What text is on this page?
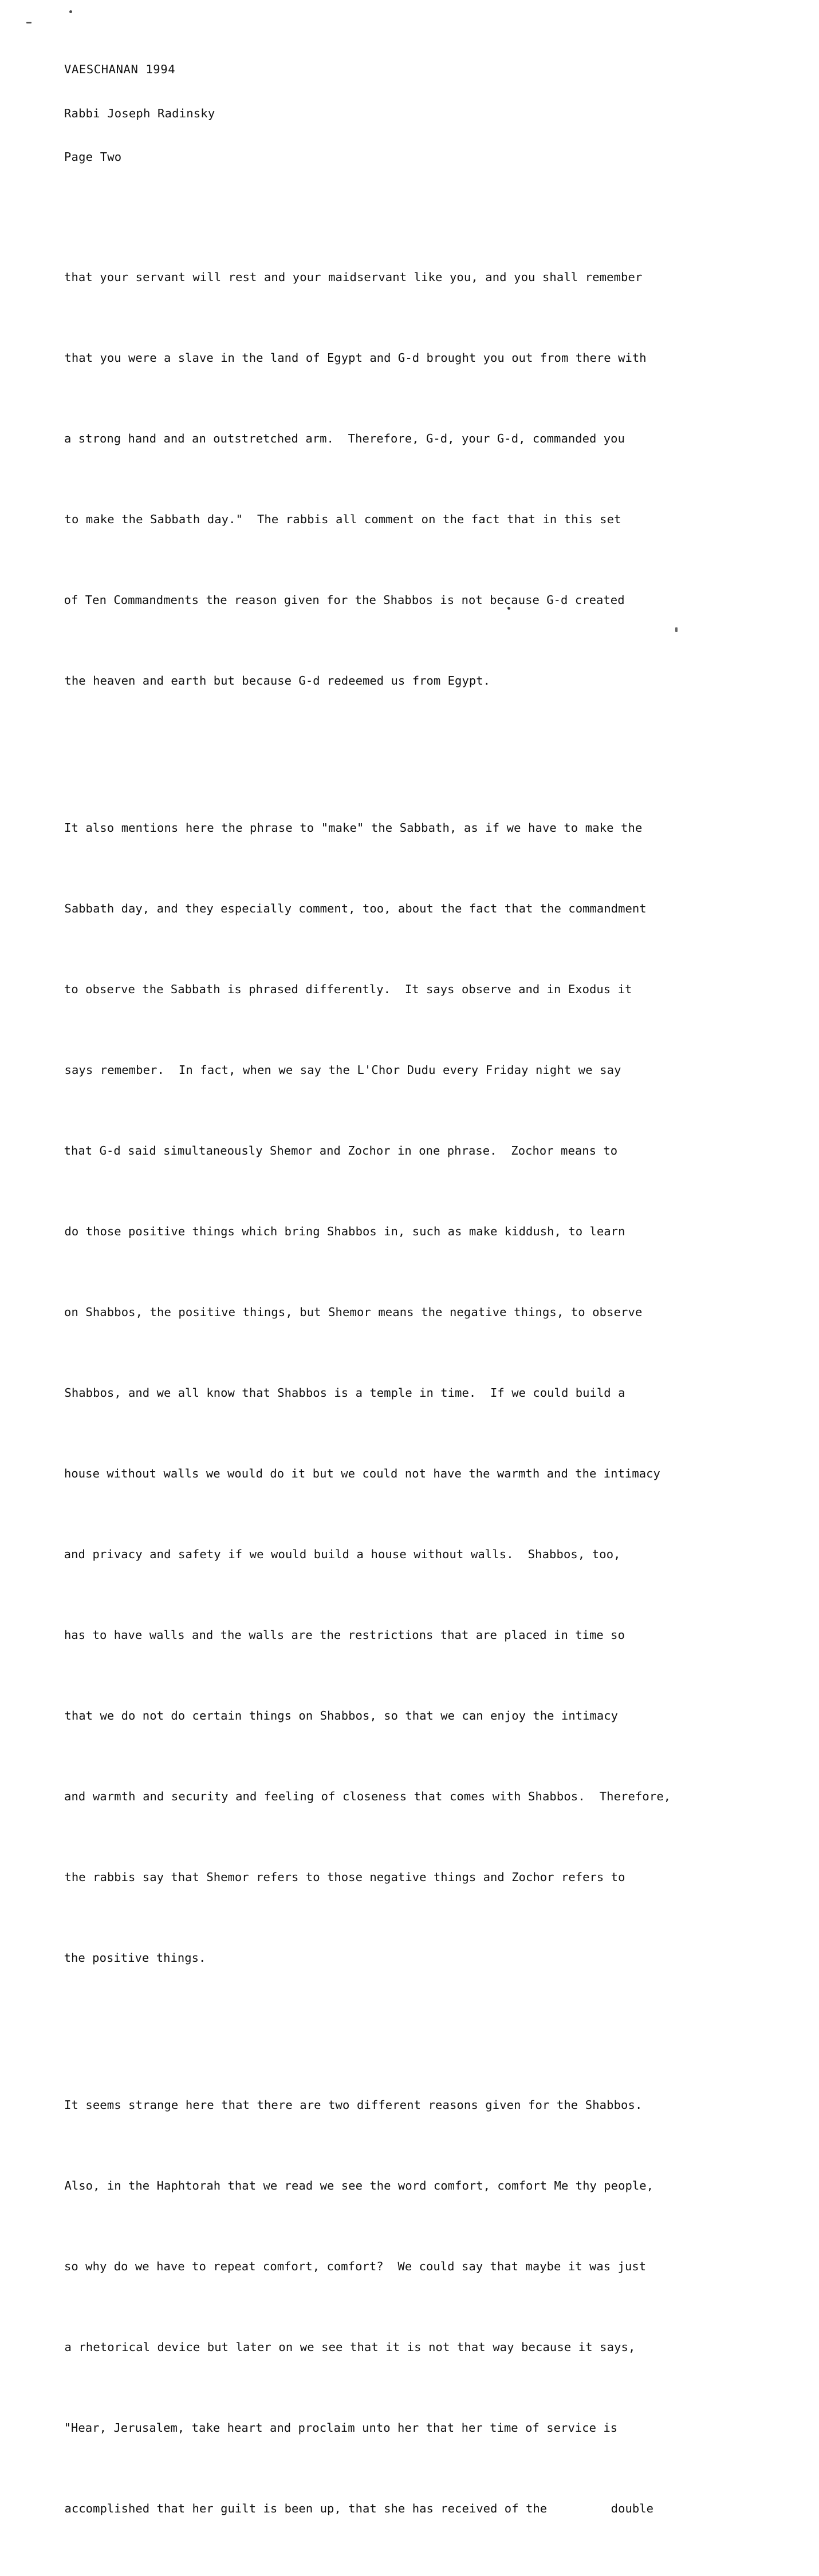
VAESCHANAN 1994

Rabbi Joseph Radinsky

Page Two

that your servant will rest and your maidservant like you, and you shall remember

that you were a slave in the land of Egypt and G-d brought you out from there with

a strong hand and an outstretched arm.  Therefore, G-d, your G-d, commanded you

to make the Sabbath day."  The rabbis all comment on the fact that in this set

of Ten Commandments the reason given for the Shabbos is not because G-d created

the heaven and earth but because G-d redeemed us from Egypt.

It also mentions here the phrase to "make" the Sabbath, as if we have to make the

Sabbath day, and they especially comment, too, about the fact that the commandment

to observe the Sabbath is phrased differently.  It says observe and in Exodus it

says remember.  In fact, when we say the L'Chor Dudu every Friday night we say

that G-d said simultaneously Shemor and Zochor in one phrase.  Zochor means to

do those positive things which bring Shabbos in, such as make kiddush, to learn

on Shabbos, the positive things, but Shemor means the negative things, to observe

Shabbos, and we all know that Shabbos is a temple in time.  If we could build a

house without walls we would do it but we could not have the warmth and the intimacy

and privacy and safety if we would build a house without walls.  Shabbos, too,

has to have walls and the walls are the restrictions that are placed in time so

that we do not do certain things on Shabbos, so that we can enjoy the intimacy

and warmth and security and feeling of closeness that comes with Shabbos.  Therefore,

the rabbis say that Shemor refers to those negative things and Zochor refers to

the positive things.

It seems strange here that there are two different reasons given for the Shabbos.

Also, in the Haphtorah that we read we see the word comfort, comfort Me thy people,

so why do we have to repeat comfort, comfort?  We could say that maybe it was just

a rhetorical device but later on we see that it is not that way because it says,

"Hear, Jerusalem, take heart and proclaim unto her that her time of service is

accomplished that her guilt is been up, that she has received of the         double
